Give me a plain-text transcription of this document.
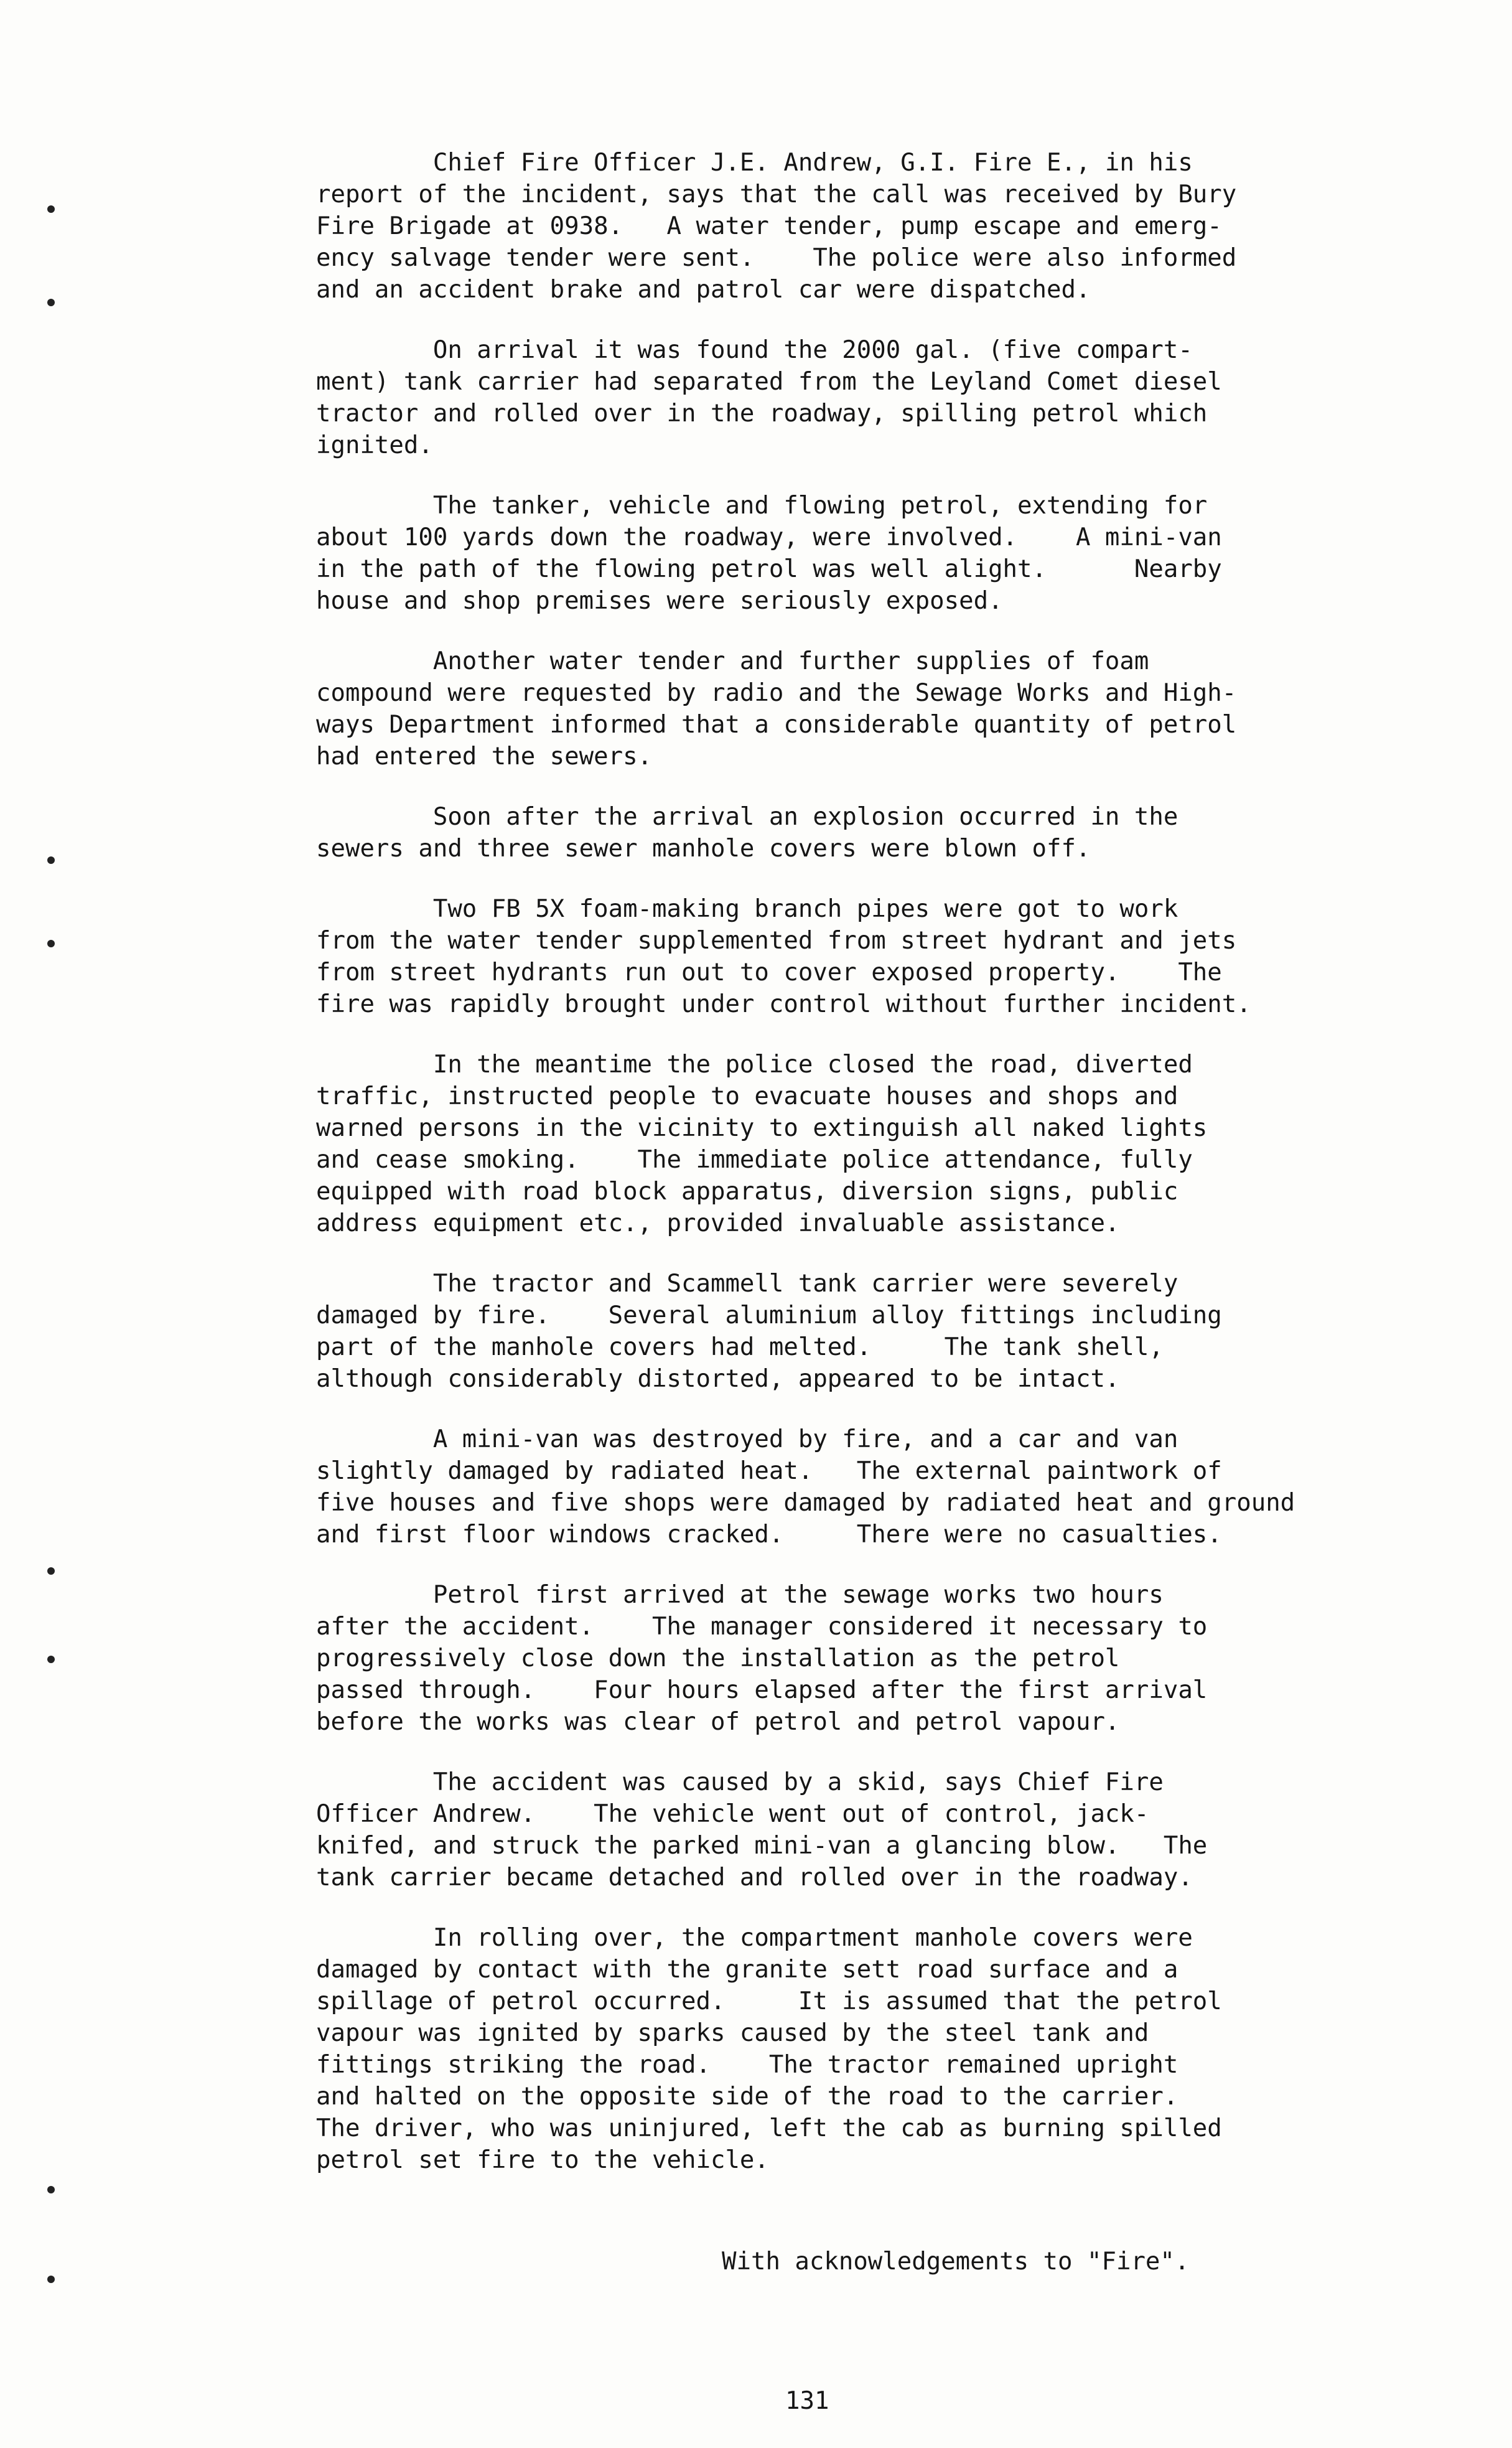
Chief Fire Officer J.E. Andrew, G.I. Fire E., in his
report of the incident, says that the call was received by Bury
Fire Brigade at 0938.   A water tender, pump escape and emerg-
ency salvage tender were sent.    The police were also informed
and an accident brake and patrol car were dispatched.

On arrival it was found the 2000 gal. (five compart-
ment) tank carrier had separated from the Leyland Comet diesel
tractor and rolled over in the roadway, spilling petrol which
ignited.

The tanker, vehicle and flowing petrol, extending for
about 100 yards down the roadway, were involved.    A mini-van
in the path of the flowing petrol was well alight.      Nearby
house and shop premises were seriously exposed.

Another water tender and further supplies of foam
compound were requested by radio and the Sewage Works and High-
ways Department informed that a considerable quantity of petrol
had entered the sewers.

Soon after the arrival an explosion occurred in the
sewers and three sewer manhole covers were blown off.

Two FB 5X foam-making branch pipes were got to work
from the water tender supplemented from street hydrant and jets
from street hydrants run out to cover exposed property.    The
fire was rapidly brought under control without further incident.

In the meantime the police closed the road, diverted
traffic, instructed people to evacuate houses and shops and
warned persons in the vicinity to extinguish all naked lights
and cease smoking.    The immediate police attendance, fully
equipped with road block apparatus, diversion signs, public
address equipment etc., provided invaluable assistance.

The tractor and Scammell tank carrier were severely
damaged by fire.    Several aluminium alloy fittings including
part of the manhole covers had melted.     The tank shell,
although considerably distorted, appeared to be intact.

A mini-van was destroyed by fire, and a car and van
slightly damaged by radiated heat.   The external paintwork of
five houses and five shops were damaged by radiated heat and ground
and first floor windows cracked.     There were no casualties.

Petrol first arrived at the sewage works two hours
after the accident.    The manager considered it necessary to
progressively close down the installation as the petrol
passed through.    Four hours elapsed after the first arrival
before the works was clear of petrol and petrol vapour.

The accident was caused by a skid, says Chief Fire
Officer Andrew.    The vehicle went out of control, jack-
knifed, and struck the parked mini-van a glancing blow.   The
tank carrier became detached and rolled over in the roadway.

In rolling over, the compartment manhole covers were
damaged by contact with the granite sett road surface and a
spillage of petrol occurred.     It is assumed that the petrol
vapour was ignited by sparks caused by the steel tank and
fittings striking the road.    The tractor remained upright
and halted on the opposite side of the road to the carrier.
The driver, who was uninjured, left the cab as burning spilled
petrol set fire to the vehicle.

With acknowledgements to "Fire".

131
